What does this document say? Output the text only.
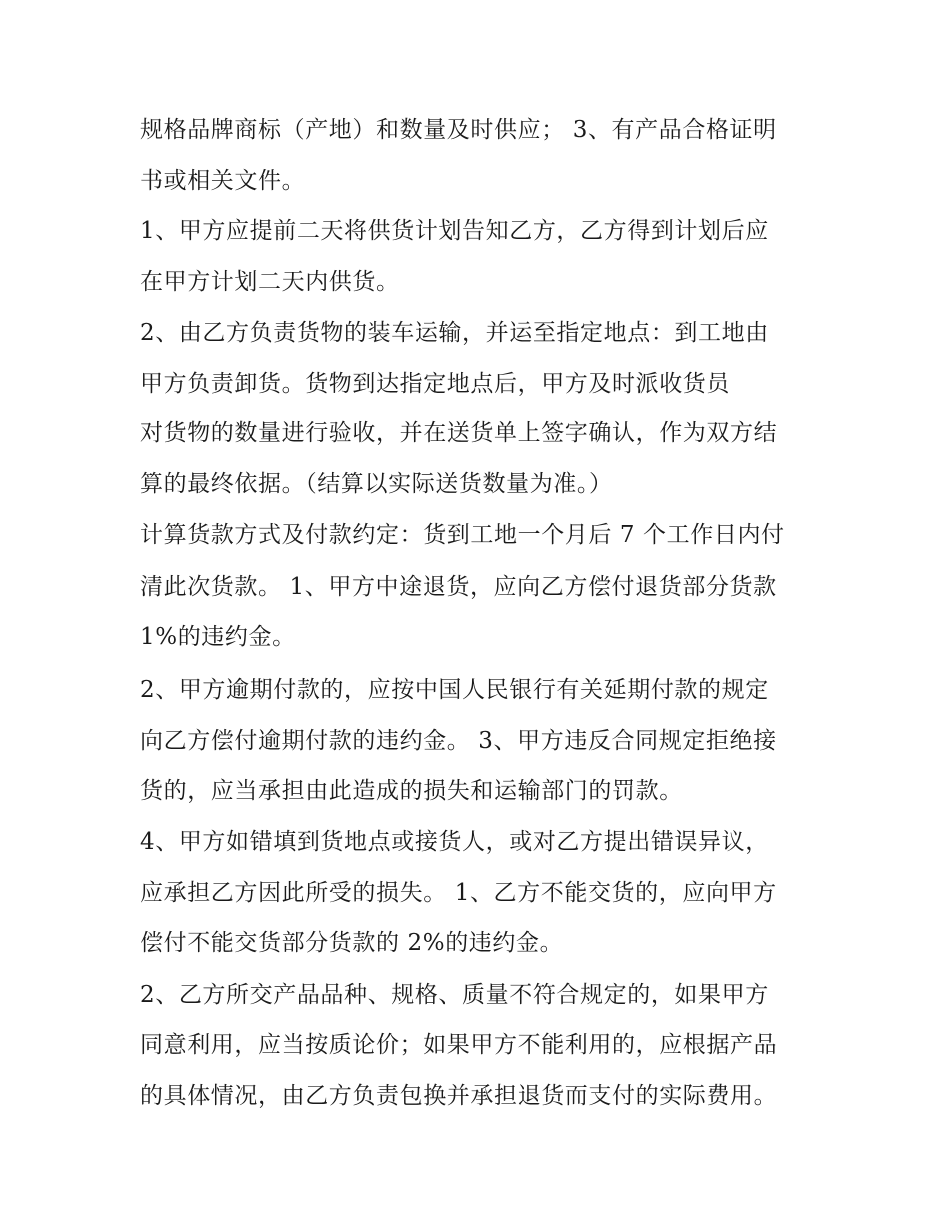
规格品牌商标（产地）和数量及时供应； 3、有产品合格证明
书或相关文件。
1、甲方应提前二天将供货计划告知乙方，乙方得到计划后应
在甲方计划二天内供货。
2、由乙方负责货物的装车运输，并运至指定地点：到工地由
甲方负责卸货。货物到达指定地点后，甲方及时派收货员
对货物的数量进行验收，并在送货单上签字确认，作为双方结
算的最终依据。（结算以实际送货数量为准。）
计算货款方式及付款约定：货到工地一个月后 7 个工作日内付
清此次货款。 1、甲方中途退货，应向乙方偿付退货部分货款
1%的违约金。
2、甲方逾期付款的，应按中国人民银行有关延期付款的规定
向乙方偿付逾期付款的违约金。 3、甲方违反合同规定拒绝接
货的，应当承担由此造成的损失和运输部门的罚款。
4、甲方如错填到货地点或接货人，或对乙方提出错误异议，
应承担乙方因此所受的损失。 1、乙方不能交货的，应向甲方
偿付不能交货部分货款的 2%的违约金。
2、乙方所交产品品种、规格、质量不符合规定的，如果甲方
同意利用，应当按质论价；如果甲方不能利用的，应根据产品
的具体情况，由乙方负责包换并承担退货而支付的实际费用。
